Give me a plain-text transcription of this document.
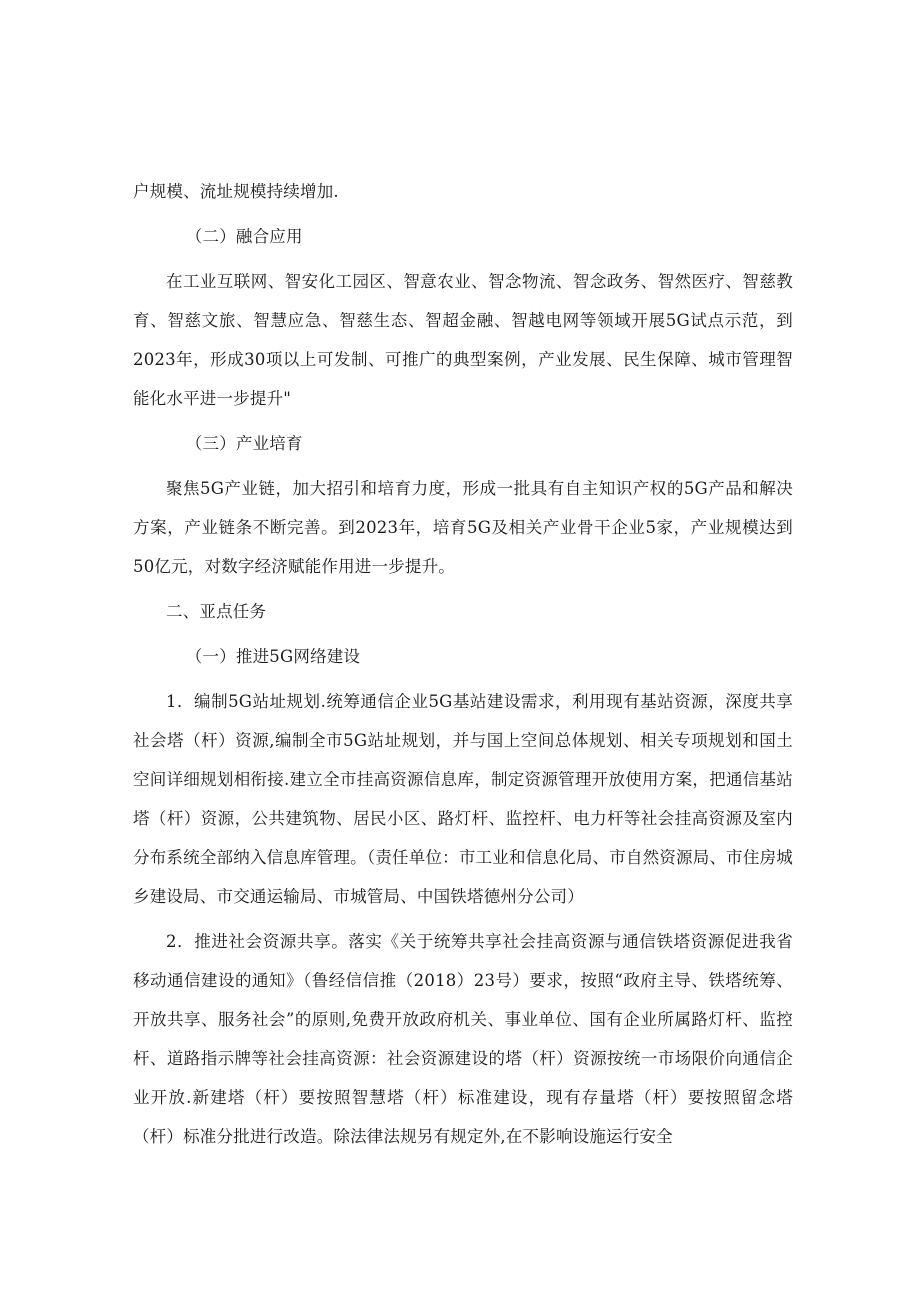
户规模、流址规模持续增加.

（二）融合应用

在工业互联网、智安化工园区、智意农业、智念物流、智念政务、智然医疗、智慈教育、智慈文旅、智慧应急、智慈生态、智超金融、智越电网等领域开展5G试点示范，到2023年，形成30项以上可发制、可推广的典型案例，产业发展、民生保障、城市管理智能化水平进一步提升"

（三）产业培育

聚焦5G产业链，加大招引和培育力度，形成一批具有自主知识产权的5G产品和解决方案，产业链条不断完善。到2023年，培育5G及相关产业骨干企业5家，产业规模达到50亿元，对数字经济赋能作用进一步提升。

二、亚点任务

（一）推进5G网络建设

1．编制5G站址规划.统筹通信企业5G基站建设需求，利用现有基站资源，深度共享社会塔（杆）资源,编制全市5G站址规划，并与国上空间总体规划、相关专项规划和国土空间详细规划相衔接.建立全市挂高资源信息库，制定资源管理开放使用方案，把通信基站塔（杆）资源，公共建筑物、居民小区、路灯杆、监控杆、电力杆等社会挂高资源及室内分布系统全部纳入信息库管理。（责任单位：市工业和信息化局、市自然资源局、市住房城乡建设局、市交通运输局、市城管局、中国铁塔德州分公司）

2．推进社会资源共享。落实《关于统筹共享社会挂高资源与通信铁塔资源促进我省移动通信建设的通知》（鲁经信信推（2018）23号）要求，按照“政府主导、铁塔统筹、开放共享、服务社会”的原则,免费开放政府机关、事业单位、国有企业所属路灯杆、监控杆、道路指示牌等社会挂高资源：社会资源建设的塔（杆）资源按统一市场限价向通信企业开放.新建塔（杆）要按照智慧塔（杆）标准建设，现有存量塔（杆）要按照留念塔（杆）标准分批进行改造。除法律法规另有规定外,在不影响设施运行安全
